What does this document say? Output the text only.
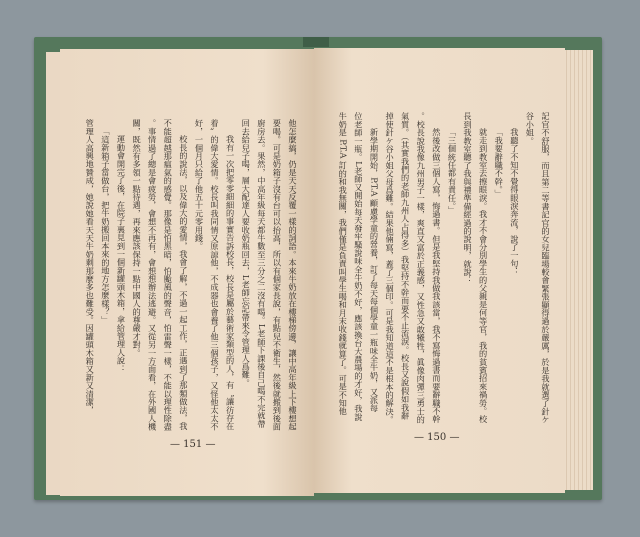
他怎麼搞，仍是天天反覆一樣的詞語。本來牛奶放在樓梯傍邊，讓中高年級上下樓想起

要喝。可是奶箱子沒有台可以抬高，所以有個家長說，有點兒不衛生，然後就搬到後面

廚房去。果然，中高年級每天都牛數至三分之二沒有喝。L老師下課後自己喝不完就帶

回去給兒子喝，層大配達人要收奶瓶回去，L老師忘記帶來令管理人爲難。

我有一次把零零細細的事實告訴校長，校長是屬於藝術家類型的人，有〝讓彷存在

着〞的偉大愛情。校長叫我同情又原諒他，不成器也會養了他三個孩子，又怪他太太不

好，一個月只給了他五十元零用錢。

校長的說法，以及偉大的愛情，我會了解，不過一起工作，正遇到了那類做法，我

不能超越那瘟氣的感覺。那像是怕黑暗，怕颱風的聲音，怕雷聲一樣，不能以理性除盡

。事情過了總是會疲勞，會想不再有，會想想辦法逃避。又從另一方面看，在外國人機

關，既然有多領一點待遇，再來應該保持一點中國人的尊嚴才對。

運動會開完了後，在院子裏見到一個新罐頭木箱，拿給管理人說：

「這新箱子當做台，把牛奶搬回本來的地方怎麼樣？」

管理人高興地贊成，她說她看天天牛奶剩那麼多也難受。因罐頭木箱又新又清潔，

— 151 —

記官不舒服，而且第二等書記官的女兒臨場較會緊張顯得過於嚴厲，於是我就選了針ケ

谷小姐。

我聽了不知不覺得眼淚奔流，說了一句：

「我要辭職不幹。」

就走到教室去擦眼淚。我才不會分別學生的父親是何等官，我的貧賓招來禍勞。校

長到我教室聽了我與禮準備經過的說明，就說：

「三個統任都有責任。」

然後改做三個人寫，悔過書。但是我堅持我做我該當，我不寫悔過書而要辭職不幹

。校長說我像九州男子一樣，爽直又富於正義感，又性急又敢犧牲，眞像肉彈三勇士的

氣質。（其實我們的老師九州人占得多）我堅持不幹而要不止流淚。校長又說假如我辭

掉使針ケ谷小姐父母爲難。結果他倆寫，蓋了三個印。可是我知道這不是根本的解決。

新學期開始，P.T.A 顧慮學童的營養，訂了每天每個學童一瓶味全牛奶，又派每

位老師一瓶。L老師又開始每天發牢騷說味全牛奶不好，應該換台大農場的才好，我說

牛奶是 P.T.A 訂的和我無關，我們僅是負責叫學生喝和月末收錢就算了。可是不知他

— 150 —
